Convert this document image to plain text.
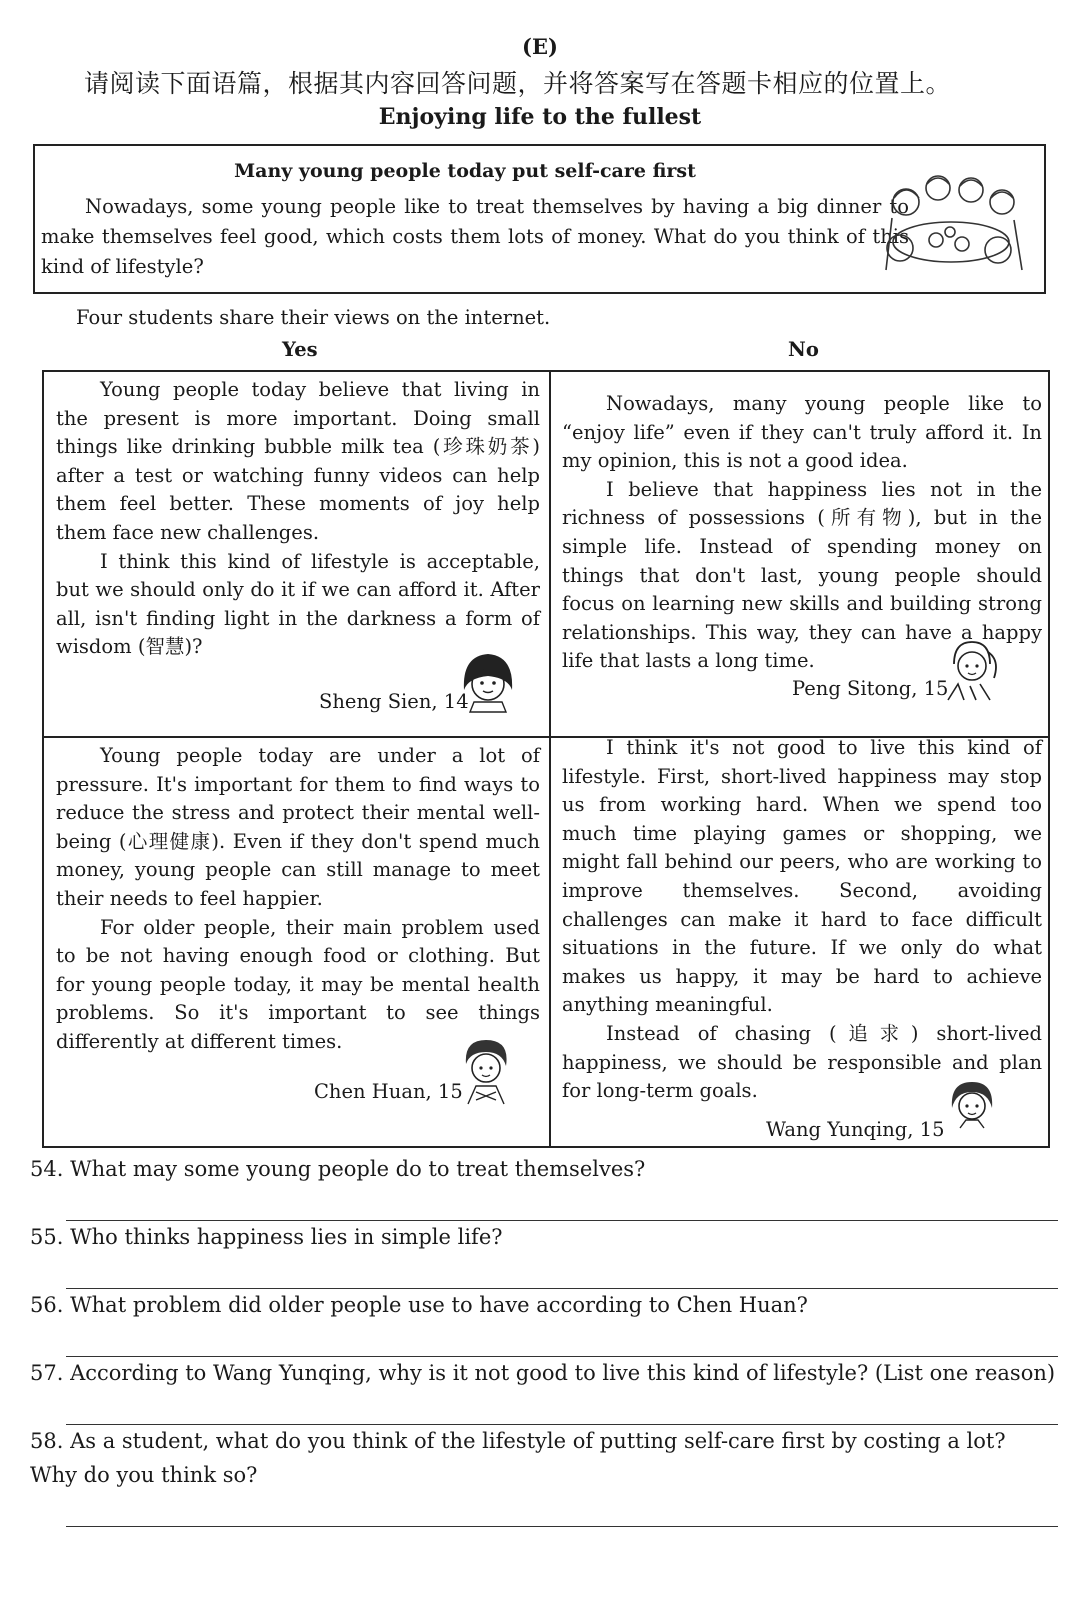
(E)
请阅读下面语篇，根据其内容回答问题，并将答案写在答题卡相应的位置上。
Enjoying life to the fullest
Many young people today put self-care first
Nowadays, some young people like to treat themselves by having a big dinner to make themselves feel good, which costs them lots of money. What do you think of this kind of lifestyle?
Four students share their views on the internet.
Yes	No

Young people today believe that living in the present is more important. Doing small things like drinking bubble milk tea (珍珠奶茶) after a test or watching funny videos can help them feel better. These moments of joy help them face new challenges.

I think this kind of lifestyle is acceptable, but we should only do it if we can afford it. After all, isn't finding light in the darkness a form of wisdom (智慧)?

Sheng Sien, 14

Nowadays, many young people like to “enjoy life” even if they can't truly afford it. In my opinion, this is not a good idea.

I believe that happiness lies not in the richness of possessions (所有物), but in the simple life. Instead of spending money on things that don't last, young people should focus on learning new skills and building strong relationships. This way, they can have a happy life that lasts a long time.

Peng Sitong, 15

Young people today are under a lot of pressure. It's important for them to find ways to reduce the stress and protect their mental well-being (心理健康). Even if they don't spend much money, young people can still manage to meet their needs to feel happier.

For older people, their main problem used to be not having enough food or clothing. But for young people today, it may be mental health problems. So it's important to see things differently at different times.

Chen Huan, 15

I think it's not good to live this kind of lifestyle. First, short-lived happiness may stop us from working hard. When we spend too much time playing games or shopping, we might fall behind our peers, who are working to improve themselves. Second, avoiding challenges can make it hard to face difficult situations in the future. If we only do what makes us happy, it may be hard to achieve anything meaningful.

Instead of chasing (追求) short-lived happiness, we should be responsible and plan for long-term goals.

Wang Yunqing, 15
54. What may some young people do to treat themselves?
55. Who thinks happiness lies in simple life?
56. What problem did older people use to have according to Chen Huan?
57. According to Wang Yunqing, why is it not good to live this kind of lifestyle? (List one reason)
58. As a student, what do you think of the lifestyle of putting self-care first by costing a lot? Why do you think so?
